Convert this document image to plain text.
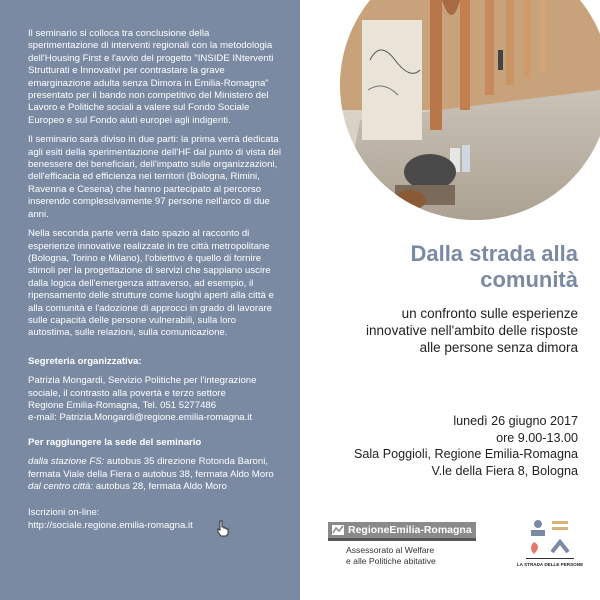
Il seminario si colloca tra conclusione della sperimentazione di interventi regionali con la metodologia dell'Housing First e l'avvio del progetto "INSIDE INterventi Strutturati e Innovativi per contrastare la grave emarginazione adulta senza Dimora in Emilia-Romagna" presentato per il bando non competitivo del Ministero del Lavoro e Politiche sociali a valere sul Fondo Sociale Europeo e sul Fondo aiuti europei agli indigenti.

Il seminario sarà diviso in due parti: la prima verrà dedicata agli esiti della sperimentazione dell'HF dal punto di vista del benessere dei beneficiari, dell'impatto sulle organizzazioni, dell'efficacia ed efficienza nei territori (Bologna, Rimini, Ravenna e Cesena) che hanno partecipato al percorso inserendo complessivamente 97 persone nell'arco di due anni.

Nella seconda parte verrà dato spazio al racconto di esperienze innovative realizzate in tre città metropolitane (Bologna, Torino e Milano), l'obiettivo è quello di fornire stimoli per la progettazione di servizi che sappiano uscire dalla logica dell'emergenza attraverso, ad esempio, il ripensamento delle strutture come luoghi aperti alla città e alla comunità e l'adozione di approcci in grado di lavorare sulle capacità delle persone vulnerabili, sulla loro autostima, sulle relazioni, sulla comunicazione.

Segreteria organizzativa:

Patrizia Mongardi, Servizio Politiche per l'integrazione sociale, il contrasto alla povertà e terzo settore
Regione Emilia-Romagna, Tel. 051 5277486
e-mail: Patrizia.Mongardi@regione.emilia-romagna.it

Per raggiungere la sede del seminario

dalla stazione FS: autobus 35 direzione Rotonda Baroni, fermata Viale della Fiera o autobus 38, fermata Aldo Moro
dal centro città: autobus 28, fermata Aldo Moro
Iscrizioni on-line:
http://sociale.regione.emilia-romagna.it
Dalla strada alla
comunità

un confronto sulle esperienze
innovative nell'ambito delle risposte
alle persone senza dimora

lunedì 26 giugno 2017
ore 9.00-13.00
Sala Poggioli, Regione Emilia-Romagna
V.le della Fiera 8, Bologna
RegioneEmilia-Romagna
Assessorato al Welfare
e alle Politiche abitative	LA STRADA DELLE PERSONE
